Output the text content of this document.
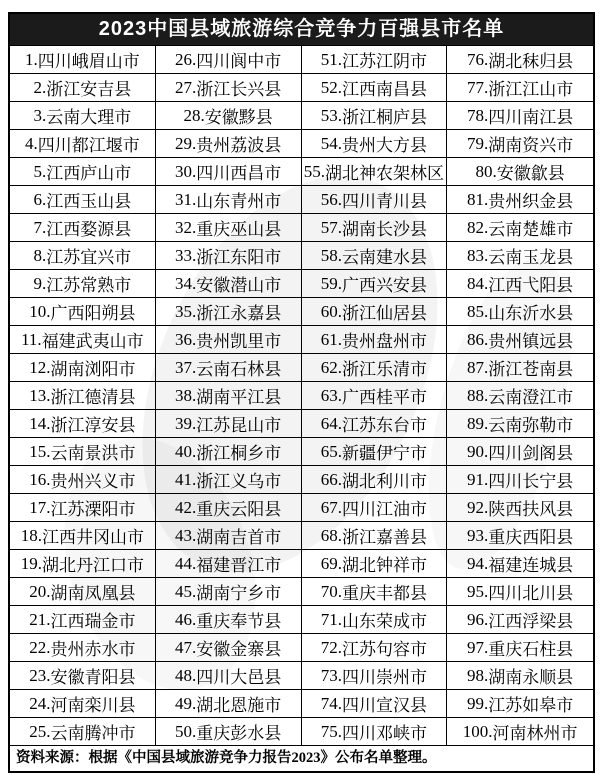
2023中国县域旅游综合竞争力百强县市名单
1. 四川峨眉山市
2. 浙江安吉县
3. 云南大理市
4. 四川都江堰市
5. 江西庐山市
6. 江西玉山县
7. 江西婺源县
8. 江苏宜兴市
9. 江苏常熟市
10. 广西阳朔县
11. 福建武夷山市
12. 湖南浏阳市
13. 浙江德清县
14. 浙江淳安县
15. 云南景洪市
16. 贵州兴义市
17. 江苏溧阳市
18. 江西井冈山市
19. 湖北丹江口市
20. 湖南凤凰县
21. 江西瑞金市
22. 贵州赤水市
23. 安徽青阳县
24. 河南栾川县
25. 云南腾冲市
26. 四川阆中市
27. 浙江长兴县
28. 安徽黟县
29. 贵州荔波县
30. 四川西昌市
31. 山东青州市
32. 重庆巫山县
33. 浙江东阳市
34. 安徽潜山市
35. 浙江永嘉县
36. 贵州凯里市
37. 云南石林县
38. 湖南平江县
39. 江苏昆山市
40. 浙江桐乡市
41. 浙江义乌市
42. 重庆云阳县
43. 湖南吉首市
44. 福建晋江市
45. 湖南宁乡市
46. 重庆奉节县
47. 安徽金寨县
48. 四川大邑县
49. 湖北恩施市
50. 重庆彭水县
51. 江苏江阴市
52. 江西南昌县
53. 浙江桐庐县
54. 贵州大方县
55. 湖北神农架林区
56. 四川青川县
57. 湖南长沙县
58. 云南建水县
59. 广西兴安县
60. 浙江仙居县
61. 贵州盘州市
62. 浙江乐清市
63. 广西桂平市
64. 江苏东台市
65. 新疆伊宁市
66. 湖北利川市
67. 四川江油市
68. 浙江嘉善县
69. 湖北钟祥市
70. 重庆丰都县
71. 山东荣成市
72. 江苏句容市
73. 四川崇州市
74. 四川宣汉县
75. 四川邓峡市
76. 湖北秣归县
77. 浙江江山市
78. 四川南江县
79. 湖南资兴市
80. 安徽歙县
81. 贵州织金县
82. 云南楚雄市
83. 云南玉龙县
84. 江西弋阳县
85. 山东沂水县
86. 贵州镇远县
87. 浙江苍南县
88. 云南澄江市
89. 云南弥勒市
90. 四川剑阁县
91. 四川长宁县
92. 陕西扶风县
93. 重庆西阳县
94. 福建连城县
95. 四川北川县
96. 江西浮梁县
97. 重庆石柱县
98. 湖南永顺县
99. 江苏如皋市
100. 河南林州市
资料来源：根据《中国县域旅游竞争力报告2023》公布名单整理。
